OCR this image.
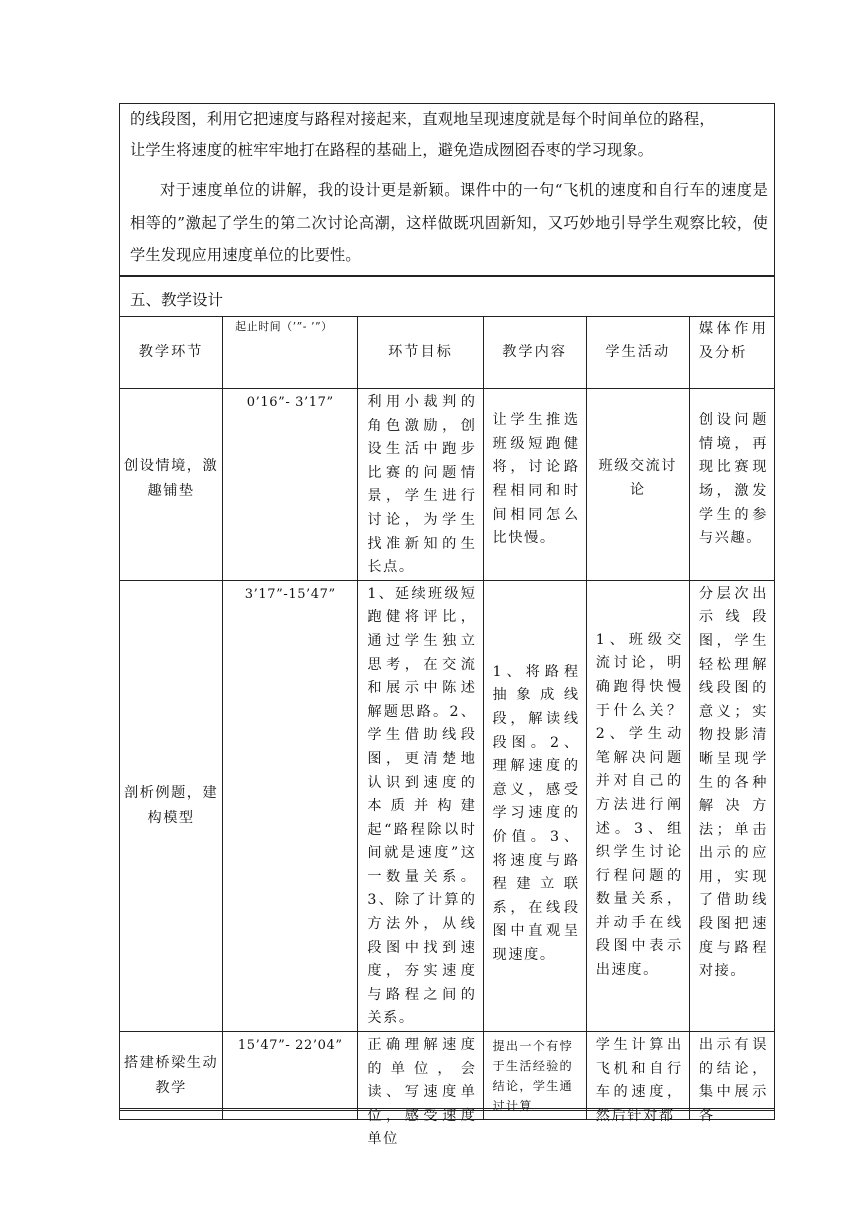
的线段图，利用它把速度与路程对接起来，直观地呈现速度就是每个时间单位的路程，

让学生将速度的桩牢牢地打在路程的基础上，避免造成囫囵吞枣的学习现象。

对于速度单位的讲解，我的设计更是新颖。课件中的一句“飞机的速度和自行车的速度是相等的”激起了学生的第二次讨论高潮，这样做既巩固新知，又巧妙地引导学生观察比较，使学生发现应用速度单位的比要性。

五、教学设计
教学环节	起止时间（’”- ’”）	环节目标	教学内容	学生活动	媒体作用及分析

创设情境，激趣铺垫	0’16”- 3’17”	利用小裁判的角色激励，创设生活中跑步比赛的问题情景，学生进行讨论，为学生找准新知的生长点。	让学生推选班级短跑健将，讨论路程相同和时间相同怎么比快慢。	班级交流讨论	创设问题情境，再现比赛现场，激发学生的参与兴趣。

剖析例题，建构模型	3’17”-15’47”	1、延续班级短跑健将评比，通过学生独立思考，在交流和展示中陈述解题思路。2、学生借助线段图，更清楚地认识到速度的本质并构建起“路程除以时间就是速度”这一数量关系。3、除了计算的方法外，从线段图中找到速度，夯实速度与路程之间的关系。	1、将路程抽象成线段，解读线段图。2、理解速度的意义，感受学习速度的价值。3、将速度与路程建立联系，在线段图中直观呈现速度。	1、班级交流讨论，明确跑得快慢于什么关？2、学生动笔解决问题并对自己的方法进行阐述。3、组织学生讨论行程问题的数量关系，并动手在线段图中表示出速度。	分层次出示线段图，学生轻松理解线段图的意义；实物投影清晰呈现学生的各种解决方法；单击出示的应用，实现了借助线段图把速度与路程对接。

搭建桥梁生动教学	15’47”- 22’04”	正确理解速度的单位，会读、写速度单位，感受速度单位	提出一个有悖于生活经验的结论，学生通过计算	学生计算出飞机和自行车的速度，然后针对都	出示有误的结论，集中展示各
